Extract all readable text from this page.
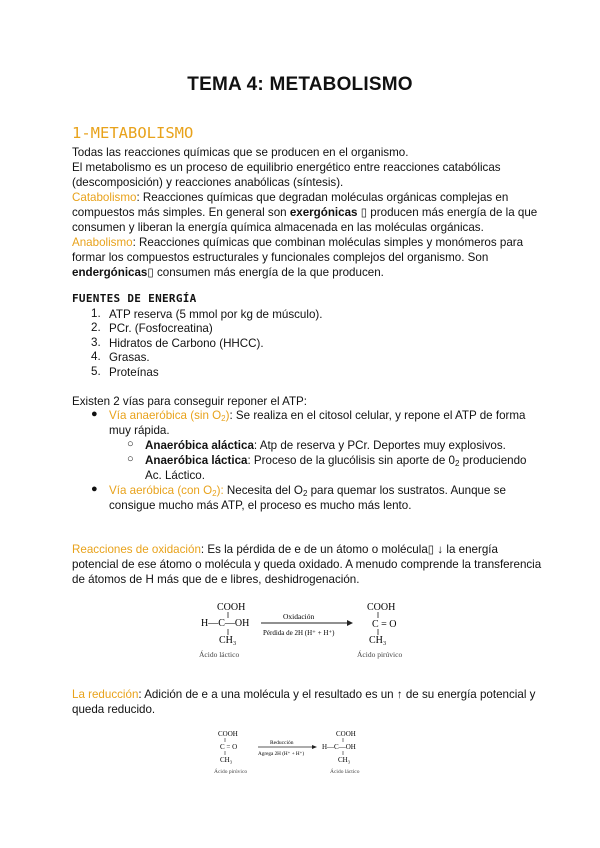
TEMA 4: METABOLISMO
1-METABOLISMO
Todas las reacciones químicas que se producen en el organismo.
El metabolismo es un proceso de equilibrio energético entre reacciones catabólicas
(descomposición) y reacciones anabólicas (síntesis).
Catabolismo: Reacciones químicas que degradan moléculas orgánicas complejas en
compuestos más simples. En general son exergónicas ▯ producen más energía de la que
consumen y liberan la energía química almacenada en las moléculas orgánicas.
Anabolismo: Reacciones químicas que combinan moléculas simples y monómeros para
formar los compuestos estructurales y funcionales complejos del organismo. Son
endergónicas▯ consumen más energía de la que producen.
FUENTES DE ENERGÍA
1. ATP reserva (5 mmol por kg de músculo).
2. PCr. (Fosfocreatina)
3. Hidratos de Carbono (HHCC).
4. Grasas.
5. Proteínas
Existen 2 vías para conseguir reponer el ATP:
● Vía anaeróbica (sin $O_2$): Se realiza en el citosol celular, y repone el ATP de forma
muy rápida.
○ Anaeróbica aláctica: Atp de reserva y PCr. Deportes muy explosivos.
○ Anaeróbica láctica: Proceso de la glucólisis sin aporte de $0_2$ produciendo
Ac. Láctico.
● Vía aeróbica (con $O_2$): Necesita del $O_2$ para quemar los sustratos. Aunque se
consigue mucho más ATP, el proceso es mucho más lento.
Reacciones de oxidación: Es la pérdida de e de un átomo o molécula▯ ↓ la energía
potencial de ese átomo o molécula y queda oxidado. A menudo comprende la transferencia
de átomos de H más que de e libres, deshidrogenación.
COOH
H—C—OH
CH₃
Ácido láctico
Oxidación
Pérdida de 2H (H⁺ + H⁺)
COOH
C = O
CH₃
Ácido pirúvico
La reducción: Adición de e a una molécula y el resultado es un ↑ de su energía potencial y
queda reducido.
COOH
C = O
CH₃
Ácido pirúvico
Reducción
Agrega 2H (H⁺ + H⁺)
COOH
H—C—OH
CH₃
Ácido láctico
